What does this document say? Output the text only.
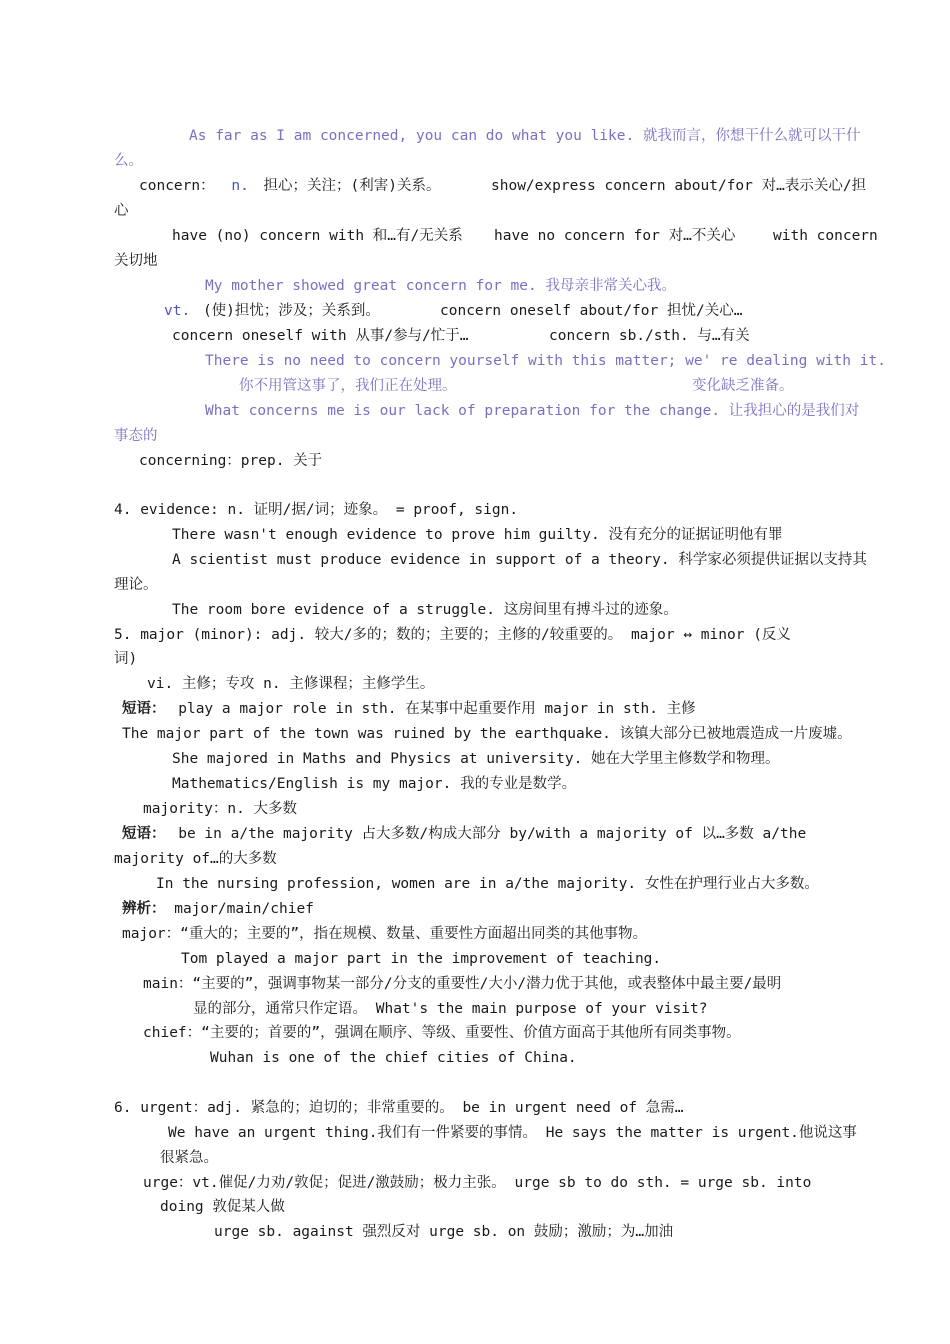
As far as I am concerned, you can do what you like. 就我而言，你想干什么就可以干什
么。
concern： n. 担心；关注；(利害)关系。	show/express concern about/for 对…表示关心/担
心
have (no) concern with 和…有/无关系 have no concern for 对…不关心	with concern
关切地
My mother showed great concern for me. 我母亲非常关心我。
vt. (使)担忧；涉及；关系到。	concern oneself about/for 担忧/关心…
concern oneself with 从事/参与/忙于…	concern sb./sth. 与…有关
There is no need to concern yourself with this matter; we' re dealing with it.
你不用管这事了，我们正在处理。	变化缺乏准备。
What concerns me is our lack of preparation for the change. 让我担心的是我们对
事态的
concerning：prep. 关于
4. evidence: n. 证明/据/词；迹象。 = proof, sign.
There wasn't enough evidence to prove him guilty. 没有充分的证据证明他有罪
A scientist must produce evidence in support of a theory. 科学家必须提供证据以支持其
理论。
The room bore evidence of a struggle. 这房间里有搏斗过的迹象。
5. major (minor): adj. 较大/多的；数的；主要的；主修的/较重要的。 major ↔ minor (反义
词)
vi. 主修；专攻 n. 主修课程；主修学生。
短语： play a major role in sth. 在某事中起重要作用 major in sth. 主修
The major part of the town was ruined by the earthquake. 该镇大部分已被地震造成一片废墟。
She majored in Maths and Physics at university. 她在大学里主修数学和物理。
Mathematics/English is my major. 我的专业是数学。
majority：n. 大多数
短语： be in a/the majority 占大多数/构成大部分 by/with a majority of 以…多数 a/the
majority of…的大多数
In the nursing profession, women are in a/the majority. 女性在护理行业占大多数。
辨析： major/main/chief
major：“重大的；主要的”，指在规模、数量、重要性方面超出同类的其他事物。
Tom played a major part in the improvement of teaching.
main：“主要的”，强调事物某一部分/分支的重要性/大小/潜力优于其他，或表整体中最主要/最明
显的部分，通常只作定语。 What's the main purpose of your visit?
chief：“主要的；首要的”，强调在顺序、等级、重要性、价值方面高于其他所有同类事物。
Wuhan is one of the chief cities of China.
6. urgent：adj. 紧急的；迫切的；非常重要的。 be in urgent need of 急需…
We have an urgent thing.我们有一件紧要的事情。 He says the matter is urgent.他说这事
很紧急。
urge：vt.催促/力劝/敦促；促进/激鼓励；极力主张。 urge sb to do sth. = urge sb. into
doing 敦促某人做
urge sb. against 强烈反对 urge sb. on 鼓励；激励；为…加油
